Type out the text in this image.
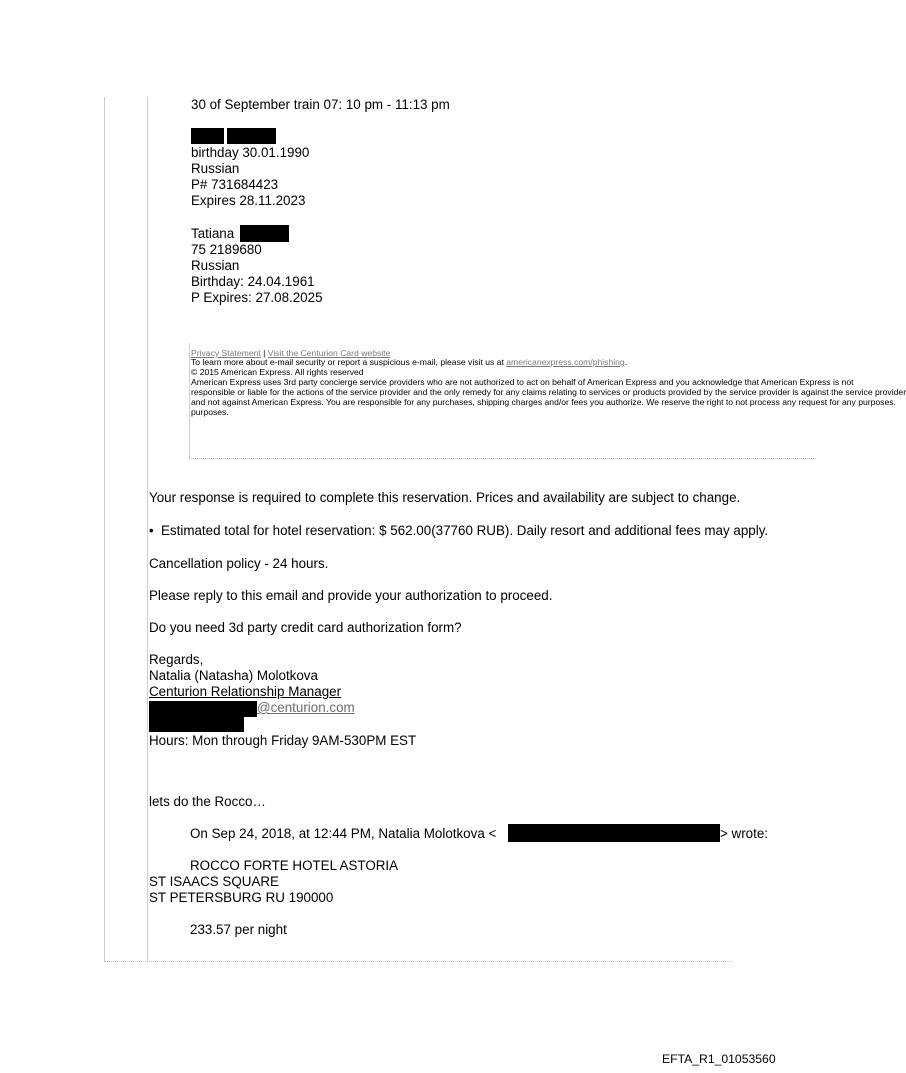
30 of September train 07: 10 pm - 11:13 pm
birthday 30.01.1990
Russian
P# 731684423
Expires 28.11.2023
Tatiana
75 2189680
Russian
Birthday: 24.04.1961
P Expires: 27.08.2025
Privacy Statement | Visit the Centurion Card website
To learn more about e-mail security or report a suspicious e-mail, please visit us at americanexpress.com/phishing.
© 2015 American Express. All rights reserved
American Express uses 3rd party concierge service providers who are not authorized to act on behalf of American Express and you acknowledge that American Express is not
responsible or liable for the actions of the service provider and the only remedy for any claims relating to services or products provided by the service provider is against the service provider
and not against American Express. You are responsible for any purchases, shipping charges and/or fees you authorize. We reserve the right to not process any request for any purposes.
purposes.
Your response is required to complete this reservation. Prices and availability are subject to change.
• Estimated total for hotel reservation: $ 562.00(37760 RUB). Daily resort and additional fees may apply.
Cancellation policy - 24 hours.
Please reply to this email and provide your authorization to proceed.
Do you need 3d party credit card authorization form?
Regards,
Natalia (Natasha) Molotkova
Centurion Relationship Manager
@centurion.com
Hours: Mon through Friday 9AM-530PM EST
lets do the Rocco…
On Sep 24, 2018, at 12:44 PM, Natalia Molotkova <	> wrote:
ROCCO FORTE HOTEL ASTORIA
ST ISAACS SQUARE
ST PETERSBURG RU 190000
233.57 per night
EFTA_R1_01053560
